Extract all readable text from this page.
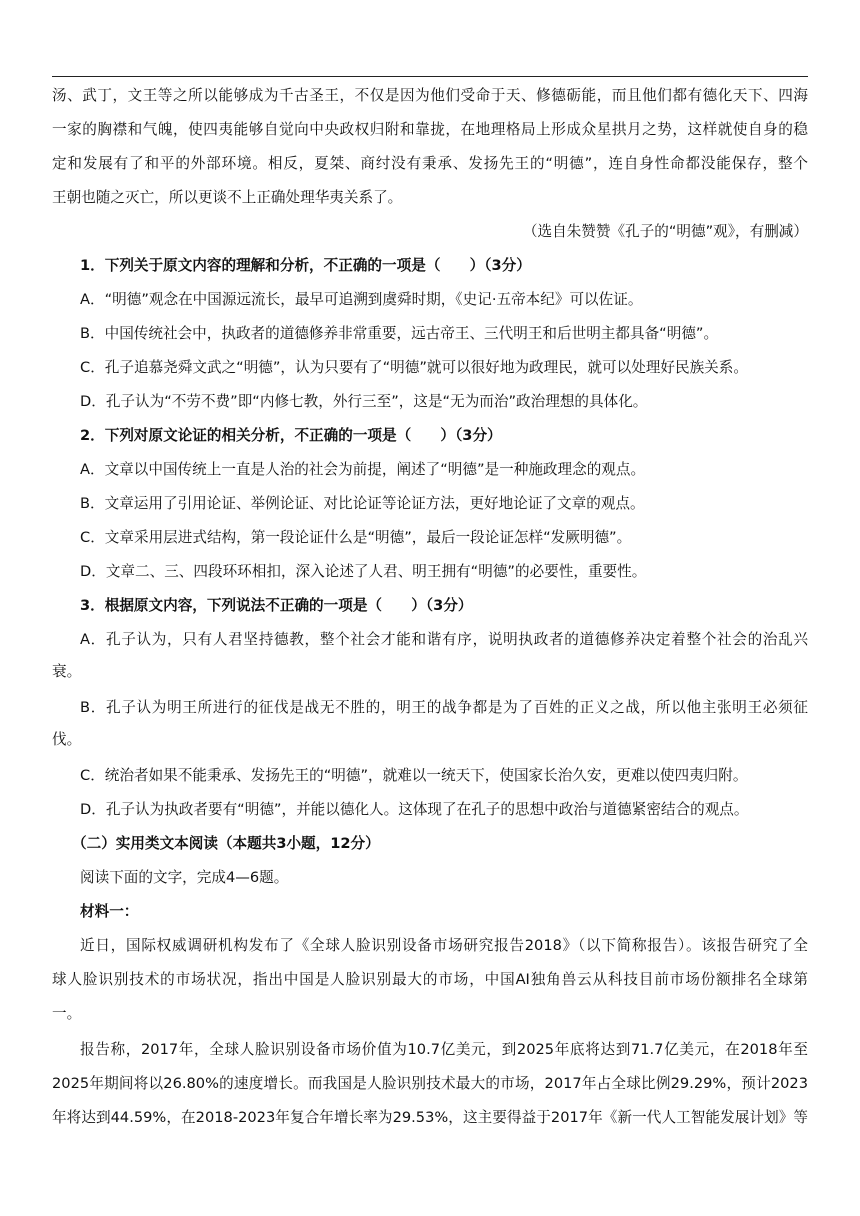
汤、武丁，文王等之所以能够成为千古圣王，不仅是因为他们受命于天、修德砺能，而且他们都有德化天下、四海
一家的胸襟和气魄，使四夷能够自觉向中央政权归附和靠拢，在地理格局上形成众星拱月之势，这样就使自身的稳
定和发展有了和平的外部环境。相反，夏桀、商纣没有秉承、发扬先王的“明德”，连自身性命都没能保存，整个
王朝也随之灭亡，所以更谈不上正确处理华夷关系了。
（选自朱赞赞《孔子的“明德”观》，有删减）
1．下列关于原文内容的理解和分析，不正确的一项是（　　）（3分）
A．“明德”观念在中国源远流长，最早可追溯到虞舜时期，《史记·五帝本纪》可以佐证。
B．中国传统社会中，执政者的道德修养非常重要，远古帝王、三代明王和后世明主都具备“明德”。
C．孔子追慕尧舜文武之“明德”，认为只要有了“明德”就可以很好地为政理民，就可以处理好民族关系。
D．孔子认为“不劳不费”即“内修七教，外行三至”，这是“无为而治”政治理想的具体化。
2．下列对原文论证的相关分析，不正确的一项是（　　）（3分）
A．文章以中国传统上一直是人治的社会为前提，阐述了“明德”是一种施政理念的观点。
B．文章运用了引用论证、举例论证、对比论证等论证方法，更好地论证了文章的观点。
C．文章采用层进式结构，第一段论证什么是“明德”，最后一段论证怎样“发厥明德”。
D．文章二、三、四段环环相扣，深入论述了人君、明王拥有“明德”的必要性，重要性。
3．根据原文内容，下列说法不正确的一项是（　　）（3分）
A．孔子认为，只有人君坚持德教，整个社会才能和谐有序，说明执政者的道德修养决定着整个社会的治乱兴
衰。
B．孔子认为明王所进行的征伐是战无不胜的，明王的战争都是为了百姓的正义之战，所以他主张明王必须征
伐。
C．统治者如果不能秉承、发扬先王的“明德”，就难以一统天下，使国家长治久安，更难以使四夷归附。
D．孔子认为执政者要有“明德”，并能以德化人。这体现了在孔子的思想中政治与道德紧密结合的观点。
（二）实用类文本阅读（本题共3小题，12分）
阅读下面的文字，完成4—6题。
材料一：
近日，国际权威调研机构发布了《全球人脸识别设备市场研究报告2018》（以下简称报告）。该报告研究了全
球人脸识别技术的市场状况，指出中国是人脸识别最大的市场，中国AI独角兽云从科技目前市场份额排名全球第
一。
报告称，2017年，全球人脸识别设备市场价值为10.7亿美元，到2025年底将达到71.7亿美元，在2018年至
2025年期间将以26.80%的速度增长。而我国是人脸识别技术最大的市场，2017年占全球比例29.29%，预计2023
年将达到44.59%，在2018-2023年复合年增长率为29.53%，这主要得益于2017年《新一代人工智能发展计划》等
